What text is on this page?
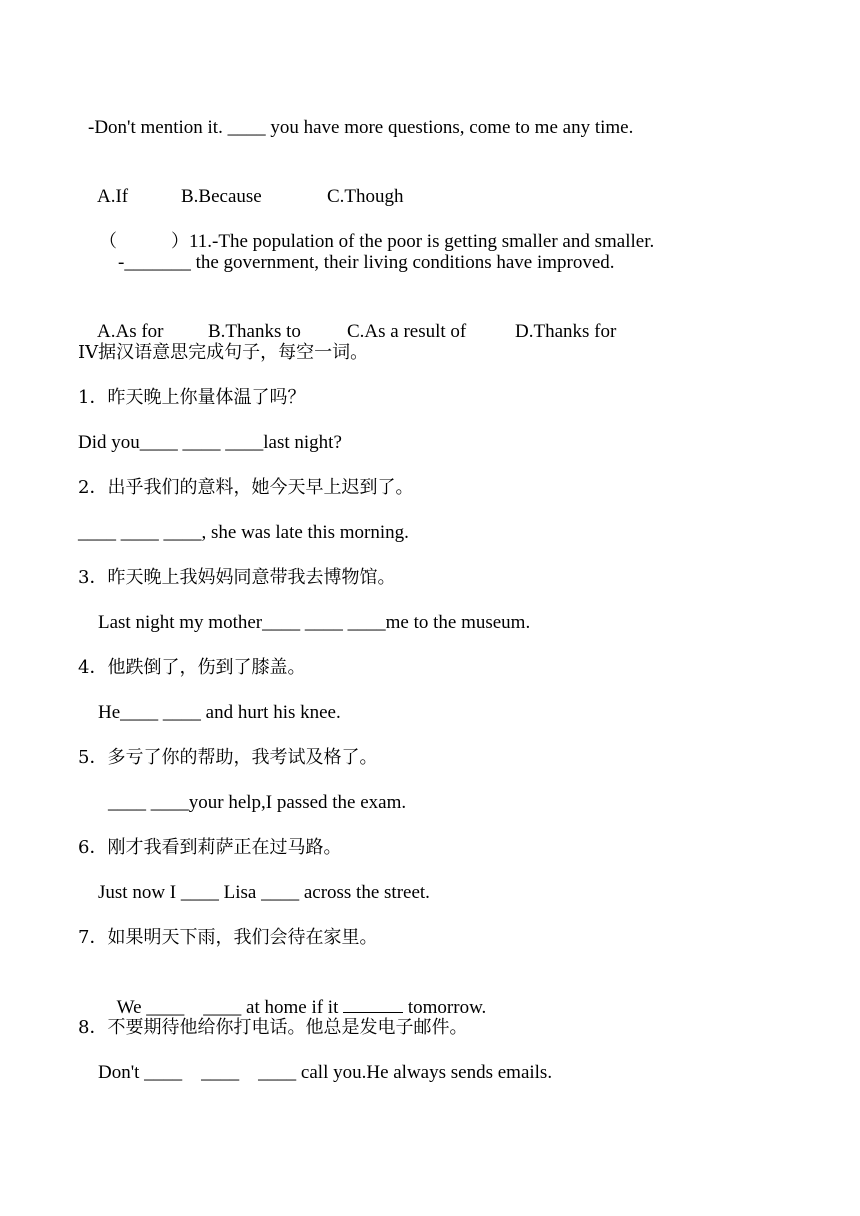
-Don't mention it. ____ you have more questions, come to me any time.

A.If	B.Because	C.Though

（　　　）11.-The population of the poor is getting smaller and smaller.

-_______ the government, their living conditions have improved.

A.As for B.Thanks to C.As a result of	D.Thanks for

IV据汉语意思完成句子，每空一词。
1．昨天晚上你量体温了吗？
Did you____ ____ ____last night?
2．出乎我们的意料，她今天早上迟到了。
____ ____ ____, she was late this morning.
3．昨天晚上我妈妈同意带我去博物馆。
Last night my mother____ ____ ____me to the museum.
4．他跌倒了，伤到了膝盖。
He____ ____ and hurt his knee.
5．多亏了你的帮助，我考试及格了。
____ ____your help,I passed the exam.
6．刚才我看到莉萨正在过马路。
Just now I ____ Lisa ____ across the street.
7．如果明天下雨，我们会待在家里。

We ____    ____ at home if it	tomorrow.

8．不要期待他给你打电话。他总是发电子邮件。
Don't ____    ____    ____ call you.He always sends emails.
